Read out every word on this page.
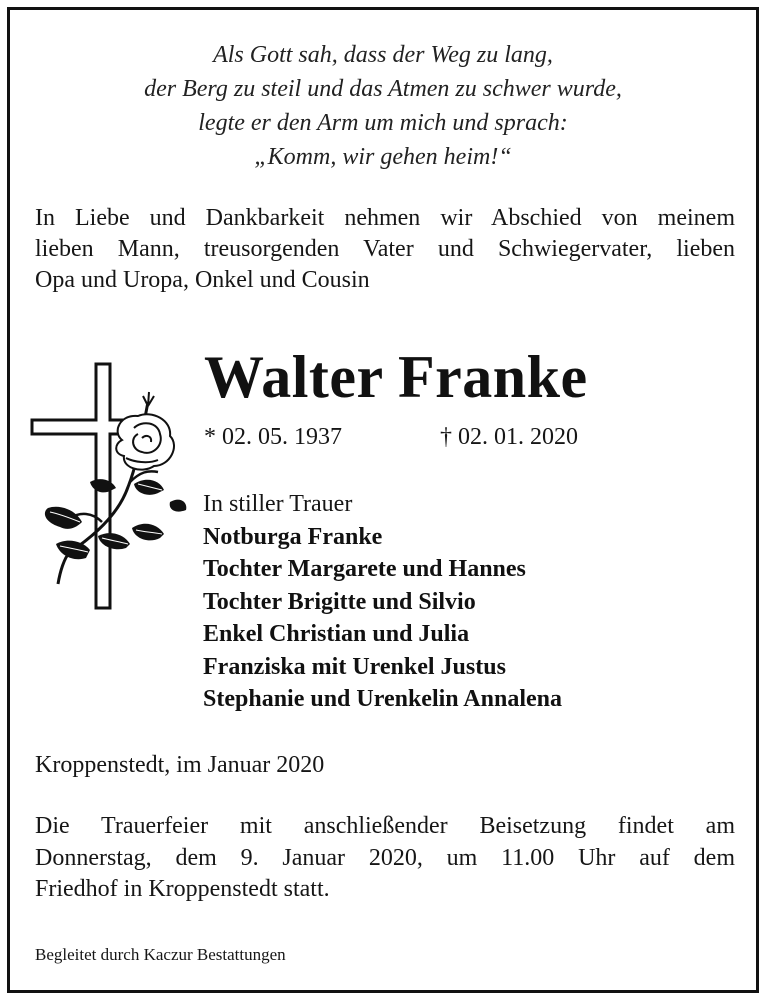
Als Gott sah, dass der Weg zu lang,
der Berg zu steil und das Atmen zu schwer wurde,
legte er den Arm um mich und sprach:
„Komm, wir gehen heim!“
In Liebe und Dankbarkeit nehmen wir Abschied von meinem
lieben Mann, treusorgenden Vater und Schwiegervater, lieben
Opa und Uropa, Onkel und Cousin
Walter Franke
* 02. 05. 1937	† 02. 01. 2020
In stiller Trauer
Notburga Franke
Tochter Margarete und Hannes
Tochter Brigitte und Silvio
Enkel Christian und Julia
Franziska mit Urenkel Justus
Stephanie und Urenkelin Annalena
Kroppenstedt, im Januar 2020
Die Trauerfeier mit anschließender Beisetzung findet am
Donnerstag, dem 9. Januar 2020, um 11.00 Uhr auf dem
Friedhof in Kroppenstedt statt.
Begleitet durch Kaczur Bestattungen
